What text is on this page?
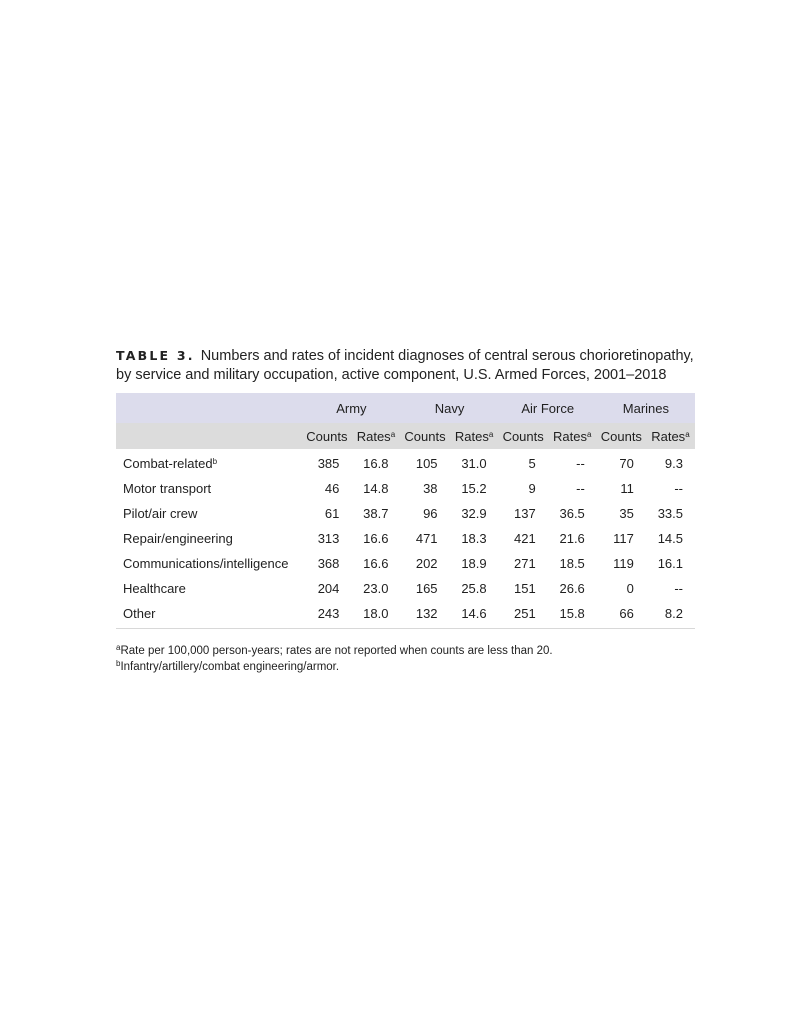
TABLE 3. Numbers and rates of incident diagnoses of central serous chorioretinopathy, by service and military occupation, active component, U.S. Armed Forces, 2001–2018

	Army		Navy		Air Force		Marines	
	Counts	Rates$^a$	Counts	Rates$^a$	Counts	Rates$^a$	Counts	Rates$^a$
Combat-related$^b$	385	16.8	105	31.0	5	--	70	9.3
Motor transport	46	14.8	38	15.2	9	--	11	--
Pilot/air crew	61	38.7	96	32.9	137	36.5	35	33.5
Repair/engineering	313	16.6	471	18.3	421	21.6	117	14.5
Communications/intelligence	368	16.6	202	18.9	271	18.5	119	16.1
Healthcare	204	23.0	165	25.8	151	26.6	0	--
Other	243	18.0	132	14.6	251	15.8	66	8.2

$^a$Rate per 100,000 person-years; rates are not reported when counts are less than 20.

$^b$Infantry/artillery/combat engineering/armor.
